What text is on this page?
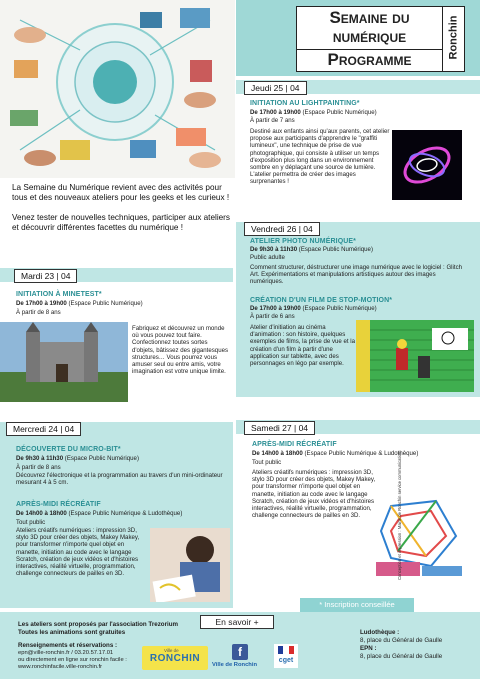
Semaine du
numérique
Programme
Ronchin

La Semaine du Numérique revient avec des activités pour tous et des nouveaux ateliers pour les geeks et les curieux !

Venez tester de nouvelles techniques, participer aux ateliers et découvrir différentes facettes du numérique !

Jeudi 25 | 04
INITIATION AU LIGHTPAINTING*
De 17h00 à 19h00 (Espace Public Numérique)
À partir de 7 ans
Destiné aux enfants ainsi qu'aux parents, cet atelier propose aux participants d'apprendre le "graffiti lumineux", une technique de prise de vue photographique, qui consiste à utiliser un temps d'exposition plus long dans un environnement sombre en y déplaçant une source de lumière. L'atelier permettra de créer des images surprenantes !
Vendredi 26 | 04
ATELIER PHOTO NUMÉRIQUE*
De 9h30 à 11h30 (Espace Public Numérique)
Public adulte
Comment structurer, déstructurer une image numérique avec le logiciel : Glitch Art. Expérimentations et manipulations artistiques autour des images numériques.
CRÉATION D'UN FILM DE STOP-MOTION*
De 17h00 à 19h00 (Espace Public Numérique)
À partir de 6 ans
Atelier d'initiation au cinéma d'animation : son histoire, quelques exemples de films, la prise de vue et la création d'un film à partir d'une application sur tablette, avec des personnages en légo par exemple.
Mardi 23 | 04
INITIATION À MINETEST*
De 17h00 à 19h00 (Espace Public Numérique)
À partir de 8 ans
Fabriquez et découvrez un monde où vous pouvez tout faire. Confectionnez toutes sortes d'objets, bâtissez des gigantesques structures… Vous pourrez vous amuser seul ou entre amis, votre imagination est votre unique limite.
Mercredi 24 | 04
DÉCOUVERTE DU MICRO-BIT*
De 9h30 à 11h30 (Espace Public Numérique)
À partir de 8 ans
Découvrez l'électronique et la programmation au travers d'un mini-ordinateur mesurant 4 à 5 cm.
APRÈS-MIDI RÉCRÉATIF
De 14h00 à 18h00 (Espace Public Numérique & Ludothèque)
Tout public
Ateliers créatifs numériques : impression 3D, stylo 3D pour créer des objets, Makey Makey, pour transformer n'importe quel objet en manette, initiation au code avec le langage Scratch, création de jeux vidéos et d'histoires interactives, réalité virtuelle, programmation, challenge connecteurs de pailles en 3D.
Samedi 27 | 04
APRÈS-MIDI RÉCRÉATIF
De 14h00 à 18h00 (Espace Public Numérique & Ludothèque)
Tout public
Ateliers créatifs numériques : impression 3D, stylo 3D pour créer des objets, Makey Makey, pour transformer n'importe quel objet en manette, initiation au code avec le langage Scratch, création de jeux vidéos et d'histoires interactives, réalité virtuelle, programmation, challenge connecteurs de pailles en 3D.
* Inscription conseillée
Conception et impression : Mairie de Ronchin service communication
Les ateliers sont proposés par l'association Trezorium
Toutes les animations sont gratuites
En savoir +
Renseignements et réservations :
epn@ville-ronchin.fr / 03.20.57.17.01
ou directement en ligne sur ronchin facile :
www.ronchinfacile.ville-ronchin.fr
Ville de
RONCHIN	f
Ville de Ronchin
cget
Ludothèque :
8, place du Général de Gaulle
EPN :
8, place du Général de Gaulle
